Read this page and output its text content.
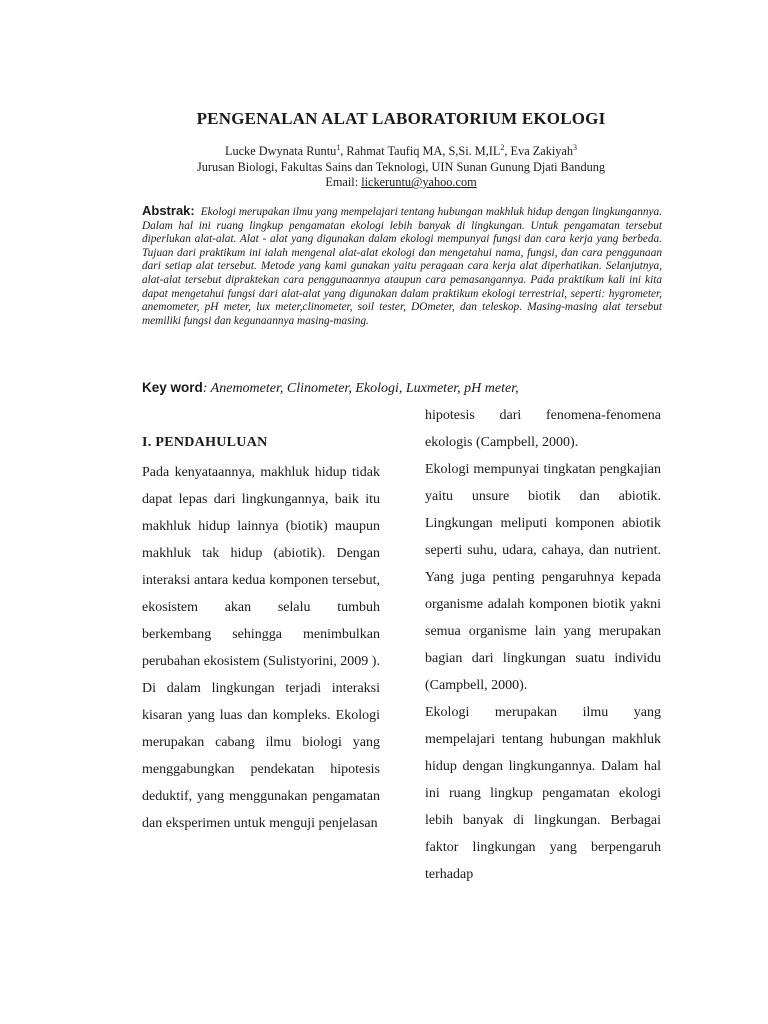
PENGENALAN ALAT LABORATORIUM EKOLOGI
Lucke Dwynata Runtu$^1$, Rahmat Taufiq MA, S,Si. $M,IL^2$, Eva Zakiyah$^3$
Jurusan Biologi, Fakultas Sains dan Teknologi, UIN Sunan Gunung Djati Bandung
Email: lickeruntu@yahoo.com
Abstrak: Ekologi merupakan ilmu yang mempelajari tentang hubungan makhluk hidup dengan lingkungannya. Dalam hal ini ruang lingkup pengamatan ekologi lebih banyak di lingkungan. Untuk pengamatan tersebut diperlukan alat-alat. Alat - alat yang digunakan dalam ekologi mempunyai fungsi dan cara kerja yang berbeda. Tujuan dari praktikum ini ialah mengenal alat-alat ekologi dan mengetahui nama, fungsi, dan cara penggunaan dari setiap alat tersebut. Metode yang kami gunakan yaitu peragaan cara kerja alat diperhatikan. Selanjutnya, alat-alat tersebut dipraktekan cara penggunaannya ataupun cara pemasangannya. Pada praktikum kali ini kita dapat mengetahui fungsi dari alat-alat yang digunakan dalam praktikum ekologi terrestrial, seperti: hygrometer, anemometer, pH meter, lux meter,clinometer, soil tester, DOmeter, dan teleskop. Masing-masing alat tersebut memiliki fungsi dan kegunaannya masing-masing.
Key word: Anemometer, Clinometer, Ekologi, Luxmeter, pH meter,
I. PENDAHULUAN

Pada kenyataannya, makhluk hidup tidak dapat lepas dari lingkungannya, baik itu makhluk hidup lainnya (biotik) maupun makhluk tak hidup (abiotik). Dengan interaksi antara kedua komponen tersebut, ekosistem akan selalu tumbuh berkembang sehingga menimbulkan perubahan ekosistem (Sulistyorini, 2009 ).

Di dalam lingkungan terjadi interaksi kisaran yang luas dan kompleks. Ekologi merupakan cabang ilmu biologi yang menggabungkan pendekatan hipotesis deduktif, yang menggunakan pengamatan dan eksperimen untuk menguji penjelasan

hipotesis dari fenomena-fenomena ekologis (Campbell, 2000).

Ekologi mempunyai tingkatan pengkajian yaitu unsure biotik dan abiotik. Lingkungan meliputi komponen abiotik seperti suhu, udara, cahaya, dan nutrient. Yang juga penting pengaruhnya kepada organisme adalah komponen biotik yakni semua organisme lain yang merupakan bagian dari lingkungan suatu individu (Campbell, 2000).

Ekologi merupakan ilmu yang mempelajari tentang hubungan makhluk hidup dengan lingkungannya. Dalam hal ini ruang lingkup pengamatan ekologi lebih banyak di lingkungan. Berbagai faktor lingkungan yang berpengaruh terhadap
